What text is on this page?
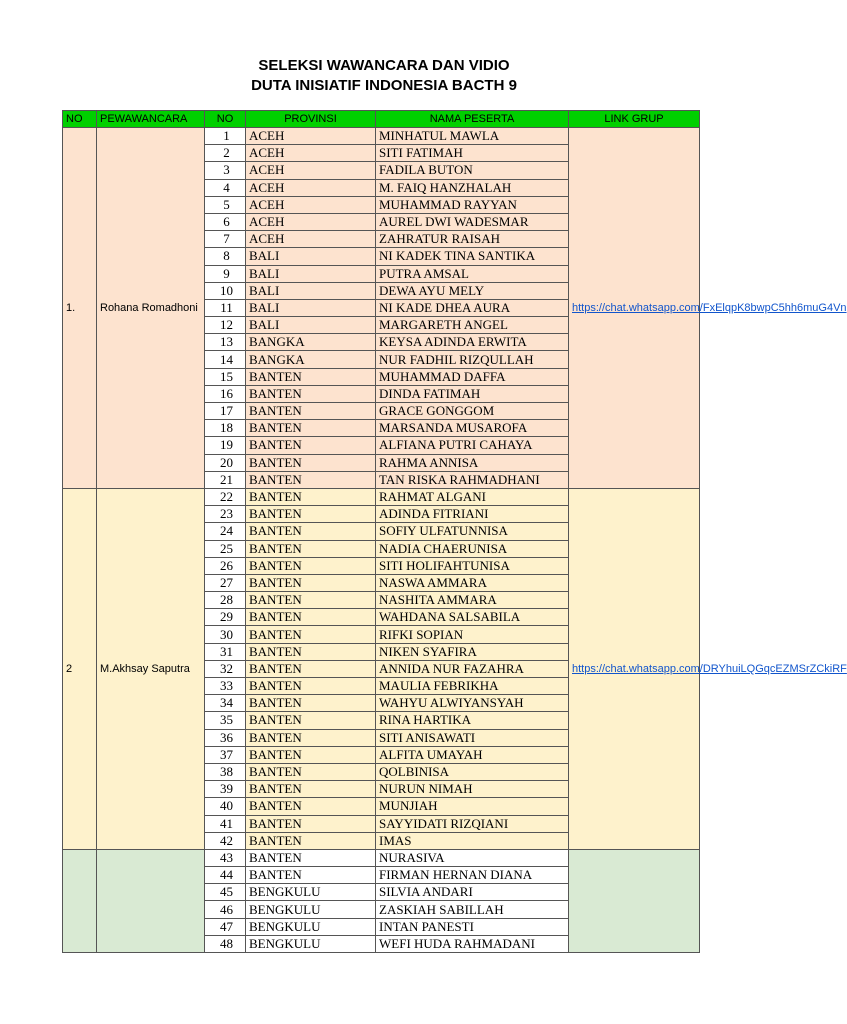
SELEKSI WAWANCARA DAN VIDIO
DUTA INISIATIF INDONESIA BACTH 9
NO	PEWAWANCARA	NO	PROVINSI	NAMA PESERTA	LINK GRUP
1.	Rohana Romadhoni	1	ACEH	MINHATUL MAWLA	https://chat.whatsapp.com/FxElqpK8bwpC5hh6muG4Vn
		2	ACEH	SITI FATIMAH	
		3	ACEH	FADILA BUTON	
		4	ACEH	M. FAIQ HANZHALAH	
		5	ACEH	MUHAMMAD RAYYAN	
		6	ACEH	AUREL DWI WADESMAR	
		7	ACEH	ZAHRATUR RAISAH	
		8	BALI	NI KADEK TINA SANTIKA	
		9	BALI	PUTRA AMSAL	
		10	BALI	DEWA AYU MELY	
		11	BALI	NI KADE DHEA AURA	
		12	BALI	MARGARETH ANGEL	
		13	BANGKA	KEYSA ADINDA ERWITA	
		14	BANGKA	NUR FADHIL RIZQULLAH	
		15	BANTEN	MUHAMMAD DAFFA	
		16	BANTEN	DINDA FATIMAH	
		17	BANTEN	GRACE GONGGOM	
		18	BANTEN	MARSANDA MUSAROFA	
		19	BANTEN	ALFIANA PUTRI CAHAYA	
		20	BANTEN	RAHMA ANNISA	
		21	BANTEN	TAN RISKA RAHMADHANI	
2	M.Akhsay Saputra	22	BANTEN	RAHMAT ALGANI	https://chat.whatsapp.com/DRYhuiLQGqcEZMSrZCkiRF
		23	BANTEN	ADINDA FITRIANI	
		24	BANTEN	SOFIY ULFATUNNISA	
		25	BANTEN	NADIA CHAERUNISA	
		26	BANTEN	SITI HOLIFAHTUNISA	
		27	BANTEN	NASWA AMMARA	
		28	BANTEN	NASHITA AMMARA	
		29	BANTEN	WAHDANA SALSABILA	
		30	BANTEN	RIFKI SOPIAN	
		31	BANTEN	NIKEN SYAFIRA	
		32	BANTEN	ANNIDA NUR FAZAHRA	
		33	BANTEN	MAULIA FEBRIKHA	
		34	BANTEN	WAHYU ALWIYANSYAH	
		35	BANTEN	RINA HARTIKA	
		36	BANTEN	SITI ANISAWATI	
		37	BANTEN	ALFITA UMAYAH	
		38	BANTEN	QOLBINISA	
		39	BANTEN	NURUN NIMAH	
		40	BANTEN	MUNJIAH	
		41	BANTEN	SAYYIDATI RIZQIANI	
		42	BANTEN	IMAS	
		43	BANTEN	NURASIVA	
		44	BANTEN	FIRMAN HERNAN DIANA	
		45	BENGKULU	SILVIA ANDARI	
		46	BENGKULU	ZASKIAH SABILLAH	
		47	BENGKULU	INTAN PANESTI	
		48	BENGKULU	WEFI HUDA RAHMADANI	
